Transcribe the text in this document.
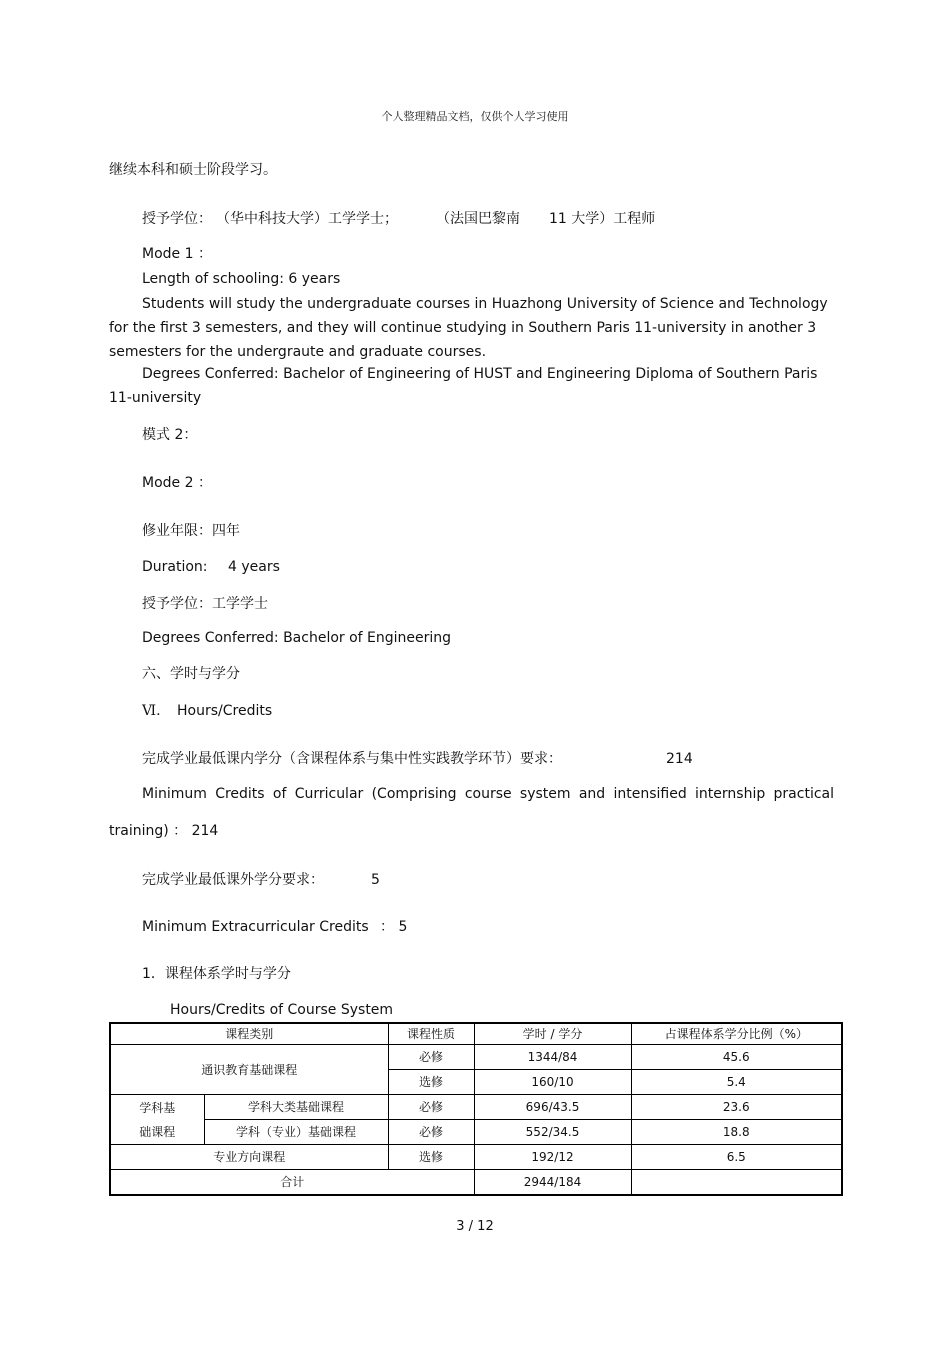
个人整理精品文档，仅供个人学习使用
继续本科和硕士阶段学习。
授予学位： （华中科技大学）工学学士；	（法国巴黎南 11 大学）工程师
Mode 1 ：
Length of schooling: 6 years
Students will study the undergraduate courses in Huazhong University of Science and Technology
for the first 3 semesters, and they will continue studying in Southern Paris 11-university in another 3
semesters for the undergraute and graduate courses.
Degrees Conferred: Bachelor of Engineering of HUST and Engineering Diploma of Southern Paris
11-university
模式 2：
Mode 2 ：
修业年限：四年
Duration: 4 years
授予学位：工学学士
Degrees Conferred: Bachelor of Engineering
六、学时与学分
Ⅵ. Hours/Credits
完成学业最低课内学分（含课程体系与集中性实践教学环节）要求：	214
Minimum Credits of Curricular (Comprising course system and intensified internship practical
training) ： 214
完成学业最低课外学分要求：	5
Minimum Extracurricular Credits ： 5
1．课程体系学时与学分
Hours/Credits of Course System
课程类别		课程性质	学时 / 学分	占课程体系学分比例（%）
通识教育基础课程		必修	1344/84	45.6
		选修	160/10	5.4

学科基
础课程	学科大类基础课程	必修	696/43.5	23.6
	学科（专业）基础课程	必修	552/34.5	18.8
专业方向课程		选修	192/12	6.5
合计			2944/184	
3 / 12
